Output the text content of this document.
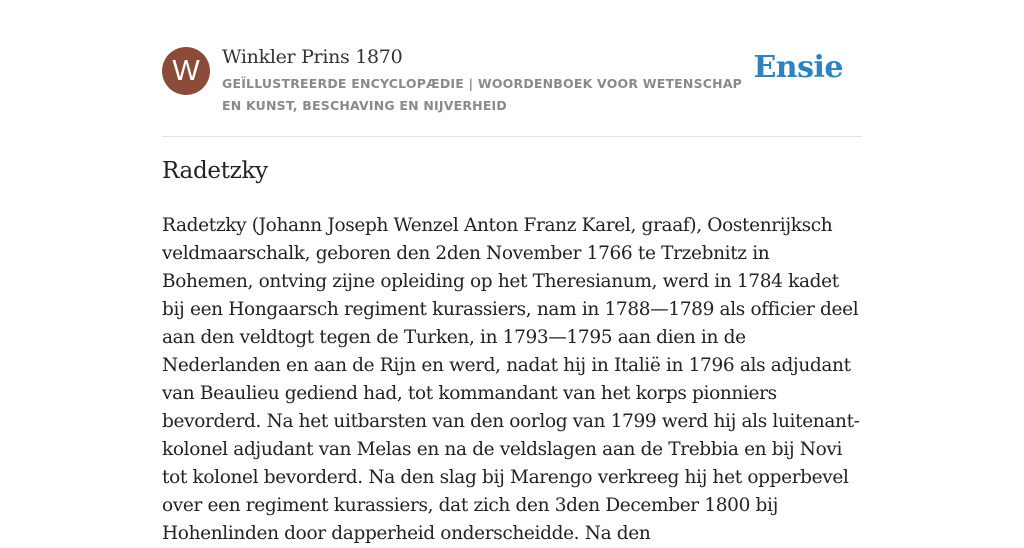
W	Winkler Prins 1870
GEÏLLUSTREERDE ENCYCLOPÆDIE | WOORDENBOEK VOOR WETENSCHAP EN KUNST, BESCHAVING EN NIJVERHEID
Ensie
Radetzky

Radetzky (Johann Joseph Wenzel Anton Franz Karel, graaf), Oostenrijksch veldmaarschalk, geboren den 2den November 1766 te Trzebnitz in Bohemen, ontving zijne opleiding op het Theresianum, werd in 1784 kadet bij een Hongaarsch regiment kurassiers, nam in 1788—1789 als officier deel aan den veldtogt tegen de Turken, in 1793—1795 aan dien in de Nederlanden en aan de Rijn en werd, nadat hij in Italië in 1796 als adjudant van Beaulieu gediend had, tot kommandant van het korps pionniers bevorderd. Na het uitbarsten van den oorlog van 1799 werd hij als luitenant-kolonel adjudant van Melas en na de veldslagen aan de Trebbia en bij Novi tot kolonel bevorderd. Na den slag bij Marengo verkreeg hij het opperbevel over een regiment kurassiers, dat zich den 3den December 1800 bij Hohenlinden door dapperheid onderscheidde. Na den
